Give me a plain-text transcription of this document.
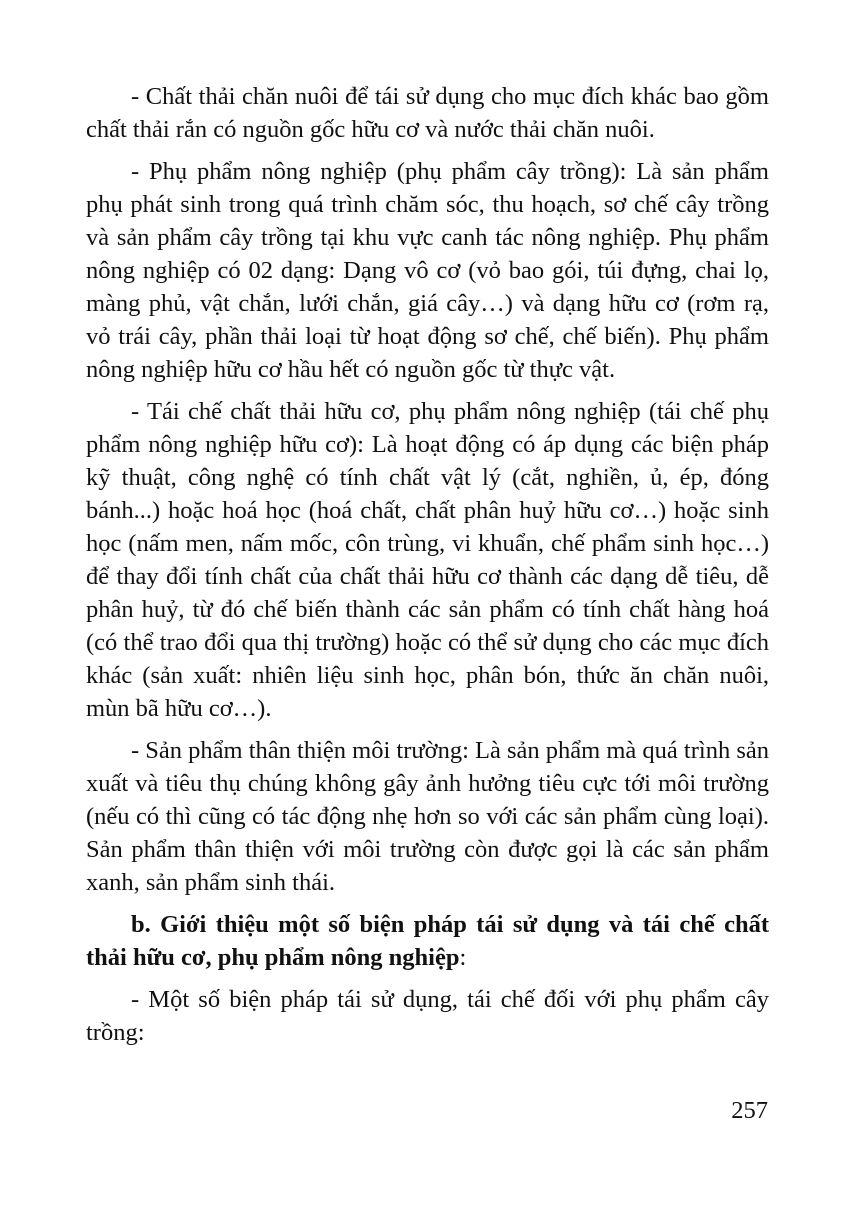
- Chất thải chăn nuôi để tái sử dụng cho mục đích khác bao gồm chất thải rắn có nguồn gốc hữu cơ và nước thải chăn nuôi.

- Phụ phẩm nông nghiệp (phụ phẩm cây trồng): Là sản phẩm phụ phát sinh trong quá trình chăm sóc, thu hoạch, sơ chế cây trồng và sản phẩm cây trồng tại khu vực canh tác nông nghiệp. Phụ phẩm nông nghiệp có 02 dạng: Dạng vô cơ (vỏ bao gói, túi đựng, chai lọ, màng phủ, vật chắn, lưới chắn, giá cây…) và dạng hữu cơ (rơm rạ, vỏ trái cây, phần thải loại từ hoạt động sơ chế, chế biến). Phụ phẩm nông nghiệp hữu cơ hầu hết có nguồn gốc từ thực vật.

- Tái chế chất thải hữu cơ, phụ phẩm nông nghiệp (tái chế phụ phẩm nông nghiệp hữu cơ): Là hoạt động có áp dụng các biện pháp kỹ thuật, công nghệ có tính chất vật lý (cắt, nghiền, ủ, ép, đóng bánh...) hoặc hoá học (hoá chất, chất phân huỷ hữu cơ…) hoặc sinh học (nấm men, nấm mốc, côn trùng, vi khuẩn, chế phẩm sinh học…) để thay đổi tính chất của chất thải hữu cơ thành các dạng dễ tiêu, dễ phân huỷ, từ đó chế biến thành các sản phẩm có tính chất hàng hoá (có thể trao đổi qua thị trường) hoặc có thể sử dụng cho các mục đích khác (sản xuất: nhiên liệu sinh học, phân bón, thức ăn chăn nuôi, mùn bã hữu cơ…).

- Sản phẩm thân thiện môi trường: Là sản phẩm mà quá trình sản xuất và tiêu thụ chúng không gây ảnh hưởng tiêu cực tới môi trường (nếu có thì cũng có tác động nhẹ hơn so với các sản phẩm cùng loại). Sản phẩm thân thiện với môi trường còn được gọi là các sản phẩm xanh, sản phẩm sinh thái.

b. Giới thiệu một số biện pháp tái sử dụng và tái chế chất thải hữu cơ, phụ phẩm nông nghiệp:

- Một số biện pháp tái sử dụng, tái chế đối với phụ phẩm cây trồng:

257
